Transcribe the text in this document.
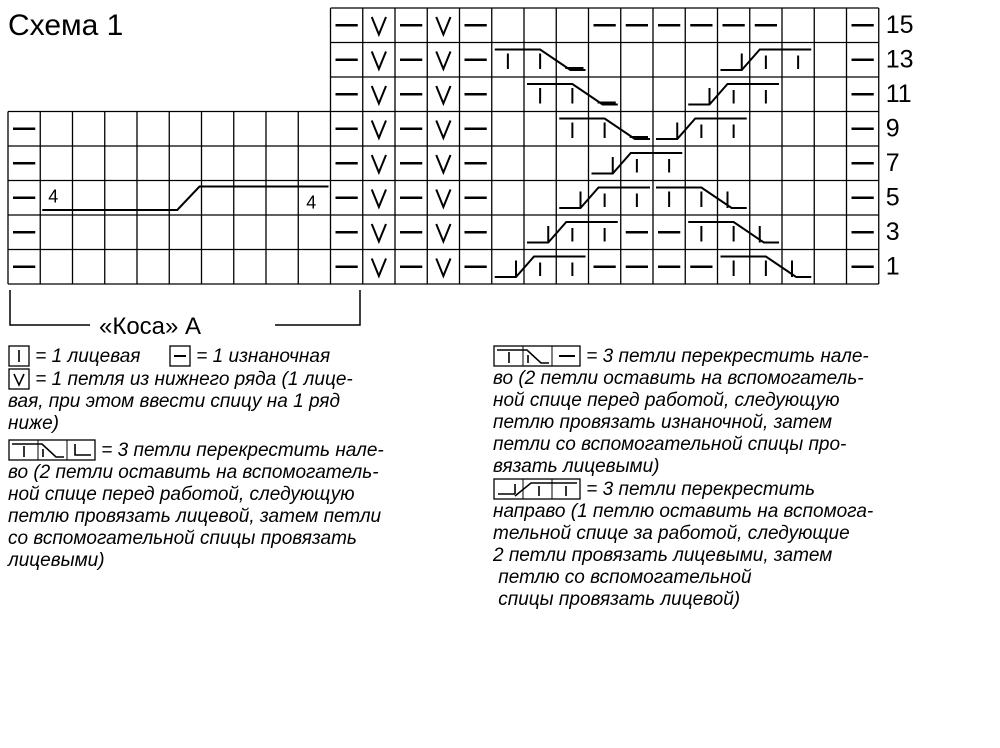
Схема 1
4	4
15
13
11
9
7
5
3
1
«Коса» А

= 1 лицевая	= 1 изнаночная

= 1 петля из нижнего ряда (1 лице-

вая, при этом ввести спицу на 1 ряд

ниже)

= 3 петли перекрестить нале-

во (2 петли оставить на вспомогатель-

ной спице перед работой, следующую

петлю провязать лицевой, затем петли

со вспомогательной спицы провязать

лицевыми)

= 3 петли перекрестить нале-

во (2 петли оставить на вспомогатель-

ной спице перед работой, следующую

петлю провязать изнаночной, затем

петли со вспомогательной спицы про-

вязать лицевыми)

= 3 петли перекрестить

направо (1 петлю оставить на вспомога-

тельной спице за работой, следующие

2 петли провязать лицевыми, затем

петлю со вспомогательной

спицы провязать лицевой)
